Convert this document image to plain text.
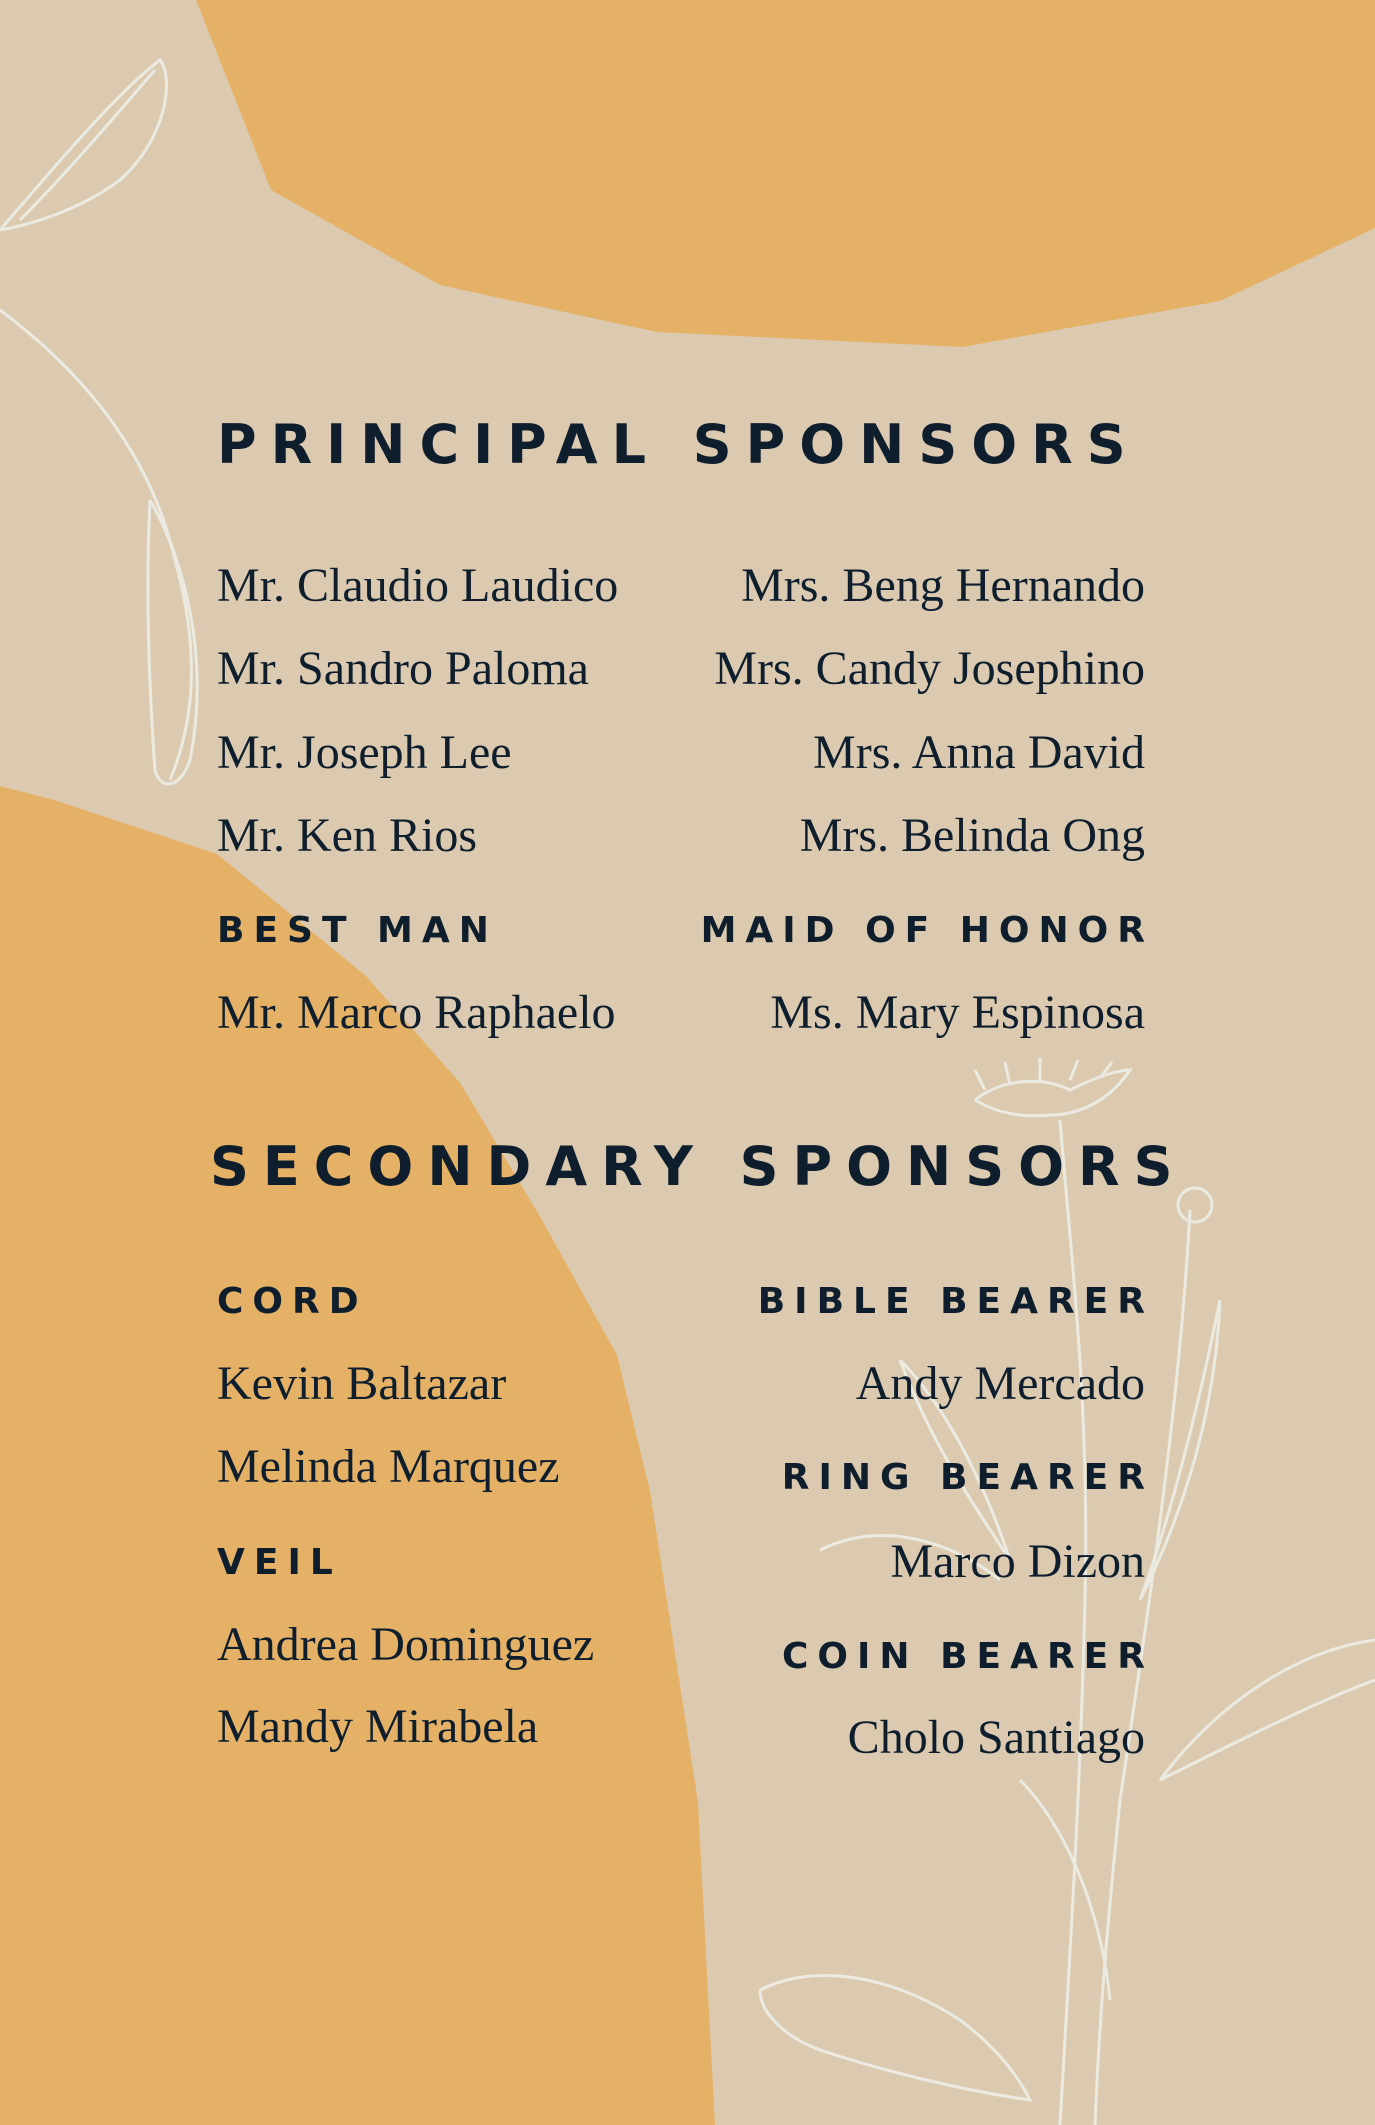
PRINCIPAL SPONSORS
Mr. Claudio Laudico
Mr. Sandro Paloma
Mr. Joseph Lee
Mr. Ken Rios
Mrs. Beng Hernando
Mrs. Candy Josephino
Mrs. Anna David
Mrs. Belinda Ong
BEST MAN	MAID OF HONOR
Mr. Marco Raphaelo	Ms. Mary Espinosa
SECONDARY SPONSORS
CORD
Kevin Baltazar
Melinda Marquez
VEIL
Andrea Dominguez
Mandy Mirabela
BIBLE BEARER
Andy Mercado
RING BEARER
Marco Dizon
COIN BEARER
Cholo Santiago
